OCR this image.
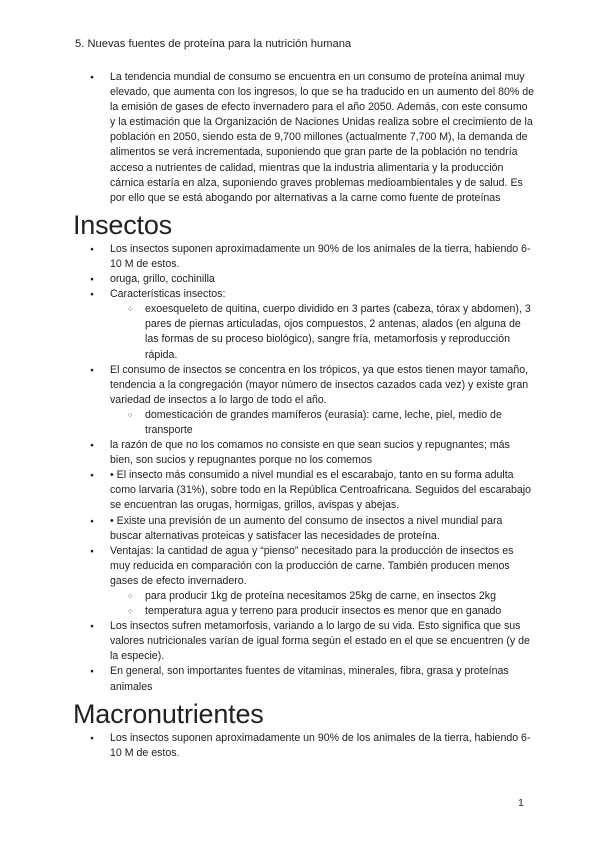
5. Nuevas fuentes de proteína para la nutrición humana
● La tendencia mundial de consumo se encuentra en un consumo de proteína animal muy elevado, que aumenta con los ingresos, lo que se ha traducido en un aumento del 80% de la emisión de gases de efecto invernadero para el año 2050. Además, con este consumo y la estimación que la Organización de Naciones Unidas realiza sobre el crecimiento de la población en 2050, siendo esta de 9,700 millones (actualmente 7,700 M), la demanda de alimentos se verá incrementada, suponiendo que gran parte de la población no tendría acceso a nutrientes de calidad, mientras que la industria alimentaria y la producción cárnica estaría en alza, suponiendo graves problemas medioambientales y de salud. Es por ello que se está abogando por alternativas a la carne como fuente de proteínas
Insectos
● Los insectos suponen aproximadamente un 90% de los animales de la tierra, habiendo 6-10 M de estos.
● oruga, grillo, cochinilla
● Características insectos:
○ exoesqueleto de quitina, cuerpo dividido en 3 partes (cabeza, tórax y abdomen), 3 pares de piernas articuladas, ojos compuestos, 2 antenas, alados (en alguna de las formas de su proceso biológico), sangre fría, metamorfosis y reproducción rápida.
● El consumo de insectos se concentra en los trópicos, ya que estos tienen mayor tamaño, tendencia a la congregación (mayor número de insectos cazados cada vez) y existe gran variedad de insectos a lo largo de todo el año.
○ domesticación de grandes mamíferos (eurasia): carne, leche, piel, medio de transporte
● la razón de que no los comamos no consiste en que sean sucios y repugnantes; más bien, son sucios y repugnantes porque no los comemos
● • El insecto más consumido a nivel mundial es el escarabajo, tanto en su forma adulta como larvaria (31%), sobre todo en la República Centroafricana. Seguidos del escarabajo se encuentran las orugas, hormigas, grillos, avispas y abejas.
● • Existe una previsión de un aumento del consumo de insectos a nivel mundial para buscar alternativas proteicas y satisfacer las necesidades de proteína.
● Ventajas: la cantidad de agua y “pienso” necesitado para la producción de insectos es muy reducida en comparación con la producción de carne. También producen menos gases de efecto invernadero.
○ para producir 1kg de proteína necesitamos 25kg de carne, en insectos 2kg
○ temperatura agua y terreno para producir insectos es menor que en ganado
● Los insectos sufren metamorfosis, variando a lo largo de su vida. Esto significa que sus valores nutricionales varían de igual forma según el estado en el que se encuentren (y de la especie).
● En general, son importantes fuentes de vitaminas, minerales, fibra, grasa y proteínas animales
Macronutrientes
● Los insectos suponen aproximadamente un 90% de los animales de la tierra, habiendo 6-10 M de estos.
1
